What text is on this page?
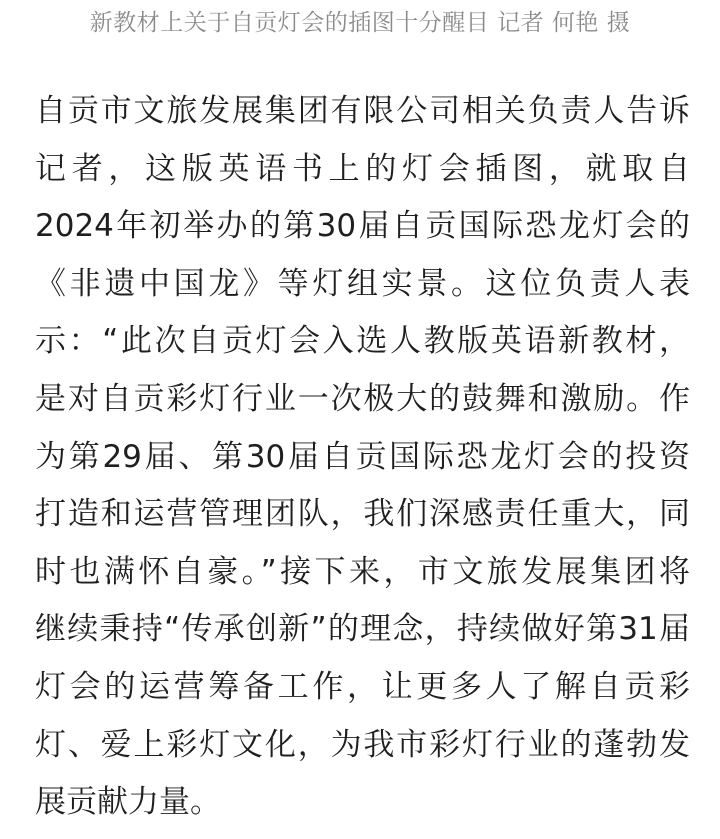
新教材上关于自贡灯会的插图十分醒目 记者 何艳 摄
自贡市文旅发展集团有限公司相关负责人告诉
记者，这版英语书上的灯会插图，就取自
2024年初举办的第30届自贡国际恐龙灯会的
《非遗中国龙》等灯组实景。这位负责人表
示：“此次自贡灯会入选人教版英语新教材，
是对自贡彩灯行业一次极大的鼓舞和激励。作
为第29届、第30届自贡国际恐龙灯会的投资
打造和运营管理团队，我们深感责任重大，同
时也满怀自豪。”接下来，市文旅发展集团将
继续秉持“传承创新”的理念，持续做好第31届
灯会的运营筹备工作，让更多人了解自贡彩
灯、爱上彩灯文化，为我市彩灯行业的蓬勃发
展贡献力量。
